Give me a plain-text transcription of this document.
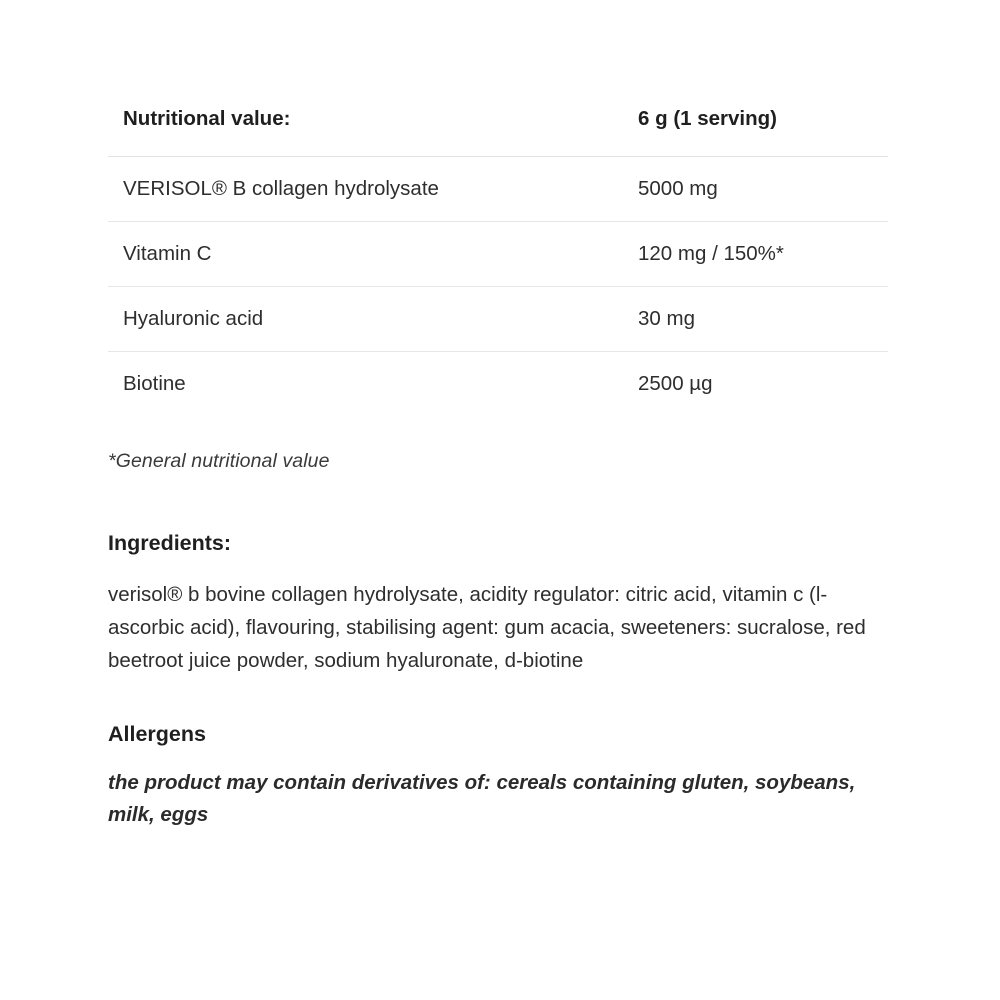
Nutritional value:	6 g (1 serving)
VERISOL® B collagen hydrolysate	5000 mg
Vitamin C	120 mg / 150%*
Hyaluronic acid	30 mg
Biotine	2500 µg
*General nutritional value
Ingredients:
verisol® b bovine collagen hydrolysate, acidity regulator: citric acid, vitamin c (l-ascorbic acid), flavouring, stabilising agent: gum acacia, sweeteners: sucralose, red beetroot juice powder, sodium hyaluronate, d-biotine
Allergens
the product may contain derivatives of: cereals containing gluten, soybeans, milk, eggs
